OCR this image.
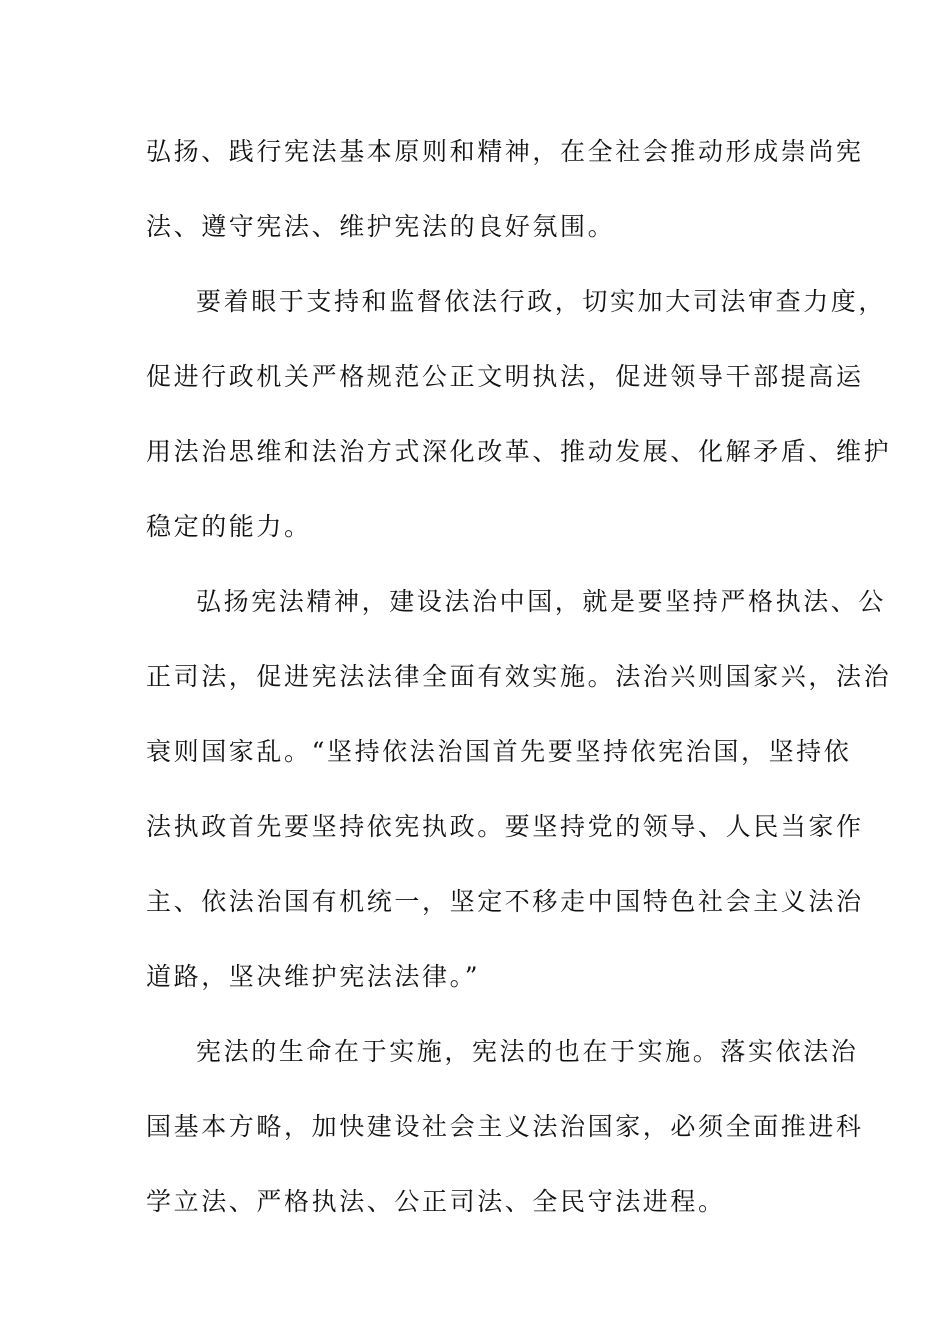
弘扬、践行宪法基本原则和精神，在全社会推动形成崇尚宪
法、遵守宪法、维护宪法的良好氛围。
要着眼于支持和监督依法行政，切实加大司法审查力度，
促进行政机关严格规范公正文明执法，促进领导干部提高运
用法治思维和法治方式深化改革、推动发展、化解矛盾、维护
稳定的能力。
弘扬宪法精神，建设法治中国，就是要坚持严格执法、公
正司法，促进宪法法律全面有效实施。法治兴则国家兴，法治
衰则国家乱。“坚持依法治国首先要坚持依宪治国，坚持依
法执政首先要坚持依宪执政。要坚持党的领导、人民当家作
主、依法治国有机统一，坚定不移走中国特色社会主义法治
道路，坚决维护宪法法律。”
宪法的生命在于实施，宪法的也在于实施。落实依法治
国基本方略，加快建设社会主义法治国家，必须全面推进科
学立法、严格执法、公正司法、全民守法进程。
